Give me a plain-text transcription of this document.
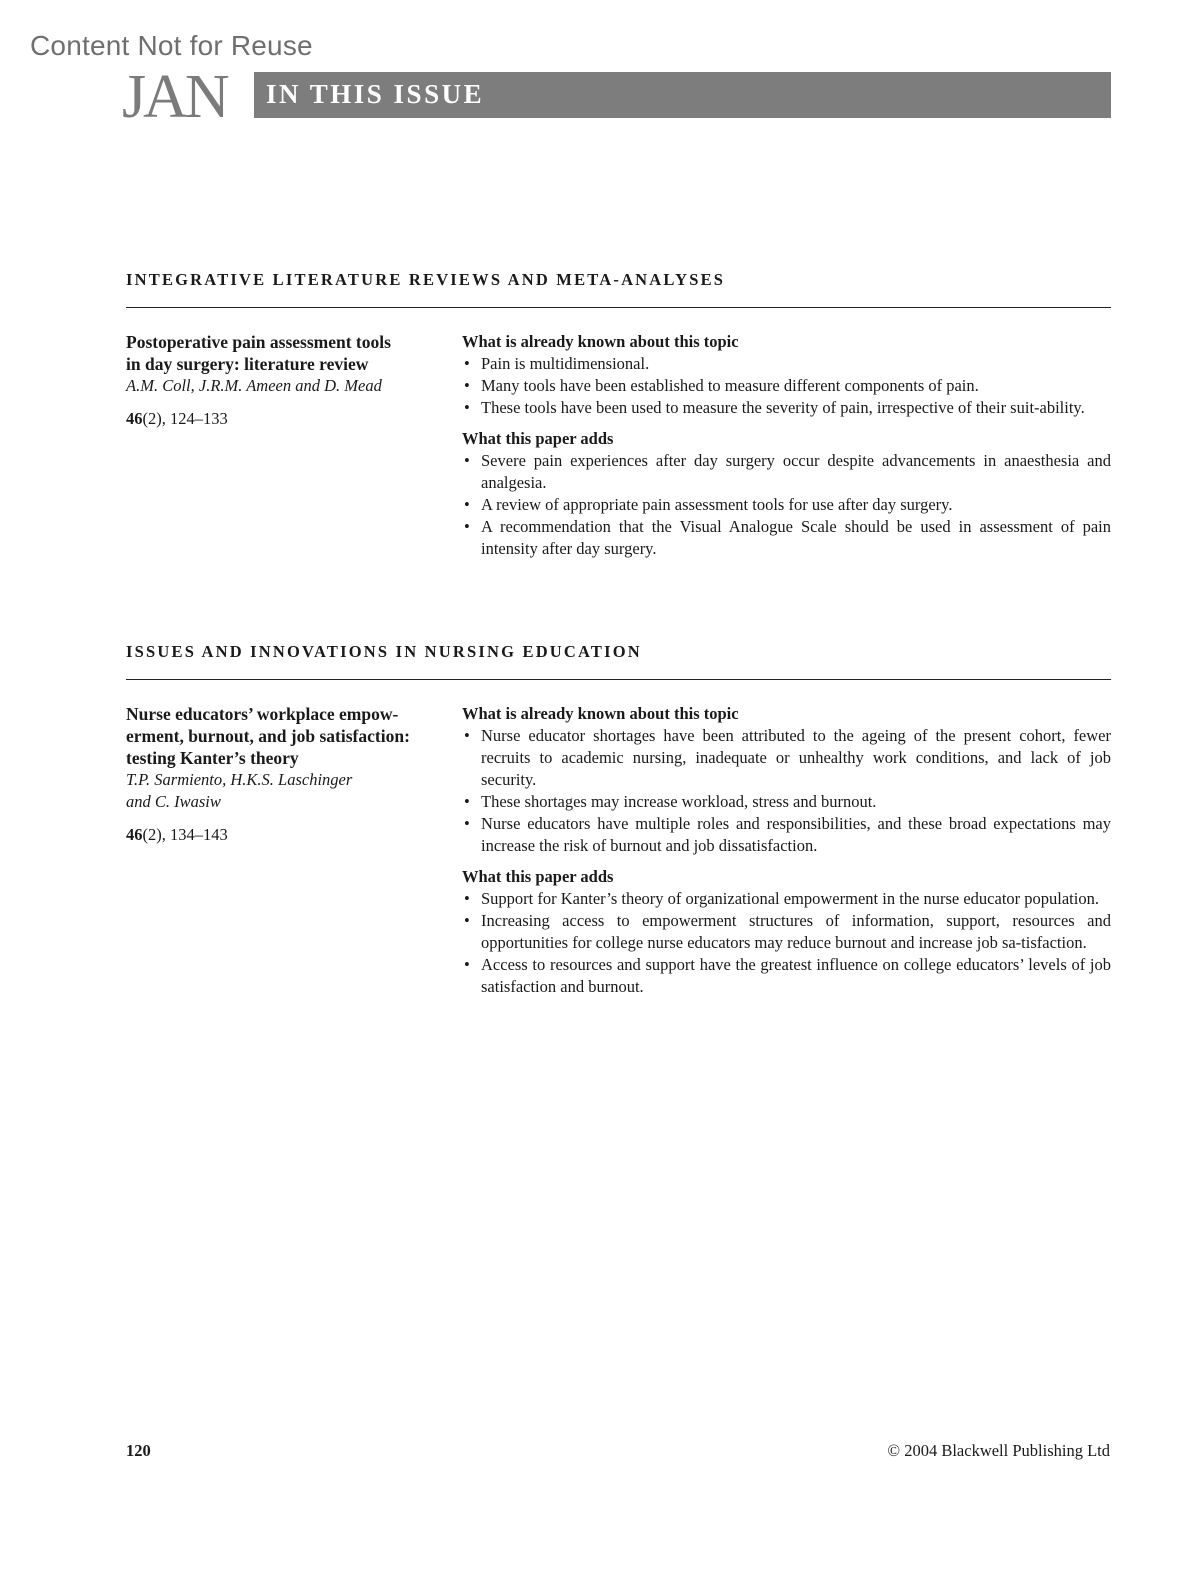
Content Not for Reuse
JAN IN THIS ISSUE
INTEGRATIVE LITERATURE REVIEWS AND META-ANALYSES
Postoperative pain assessment tools
in day surgery: literature review
A.M. Coll, J.R.M. Ameen and D. Mead
46(2), 124–133
What is already known about this topic
• Pain is multidimensional.
• Many tools have been established to measure different components of pain.
• These tools have been used to measure the severity of pain, irrespective of their suit-ability.
What this paper adds
• Severe pain experiences after day surgery occur despite advancements in anaesthesia and analgesia.
• A review of appropriate pain assessment tools for use after day surgery.
• A recommendation that the Visual Analogue Scale should be used in assessment of pain intensity after day surgery.
ISSUES AND INNOVATIONS IN NURSING EDUCATION
Nurse educators’ workplace empow-
erment, burnout, and job satisfaction:
testing Kanter’s theory
T.P. Sarmiento, H.K.S. Laschinger
and C. Iwasiw
46(2), 134–143
What is already known about this topic
• Nurse educator shortages have been attributed to the ageing of the present cohort, fewer recruits to academic nursing, inadequate or unhealthy work conditions, and lack of job security.
• These shortages may increase workload, stress and burnout.
• Nurse educators have multiple roles and responsibilities, and these broad expectations may increase the risk of burnout and job dissatisfaction.
What this paper adds
• Support for Kanter’s theory of organizational empowerment in the nurse educator population.
• Increasing access to empowerment structures of information, support, resources and opportunities for college nurse educators may reduce burnout and increase job sa-tisfaction.
• Access to resources and support have the greatest influence on college educators’ levels of job satisfaction and burnout.
120	© 2004 Blackwell Publishing Ltd
